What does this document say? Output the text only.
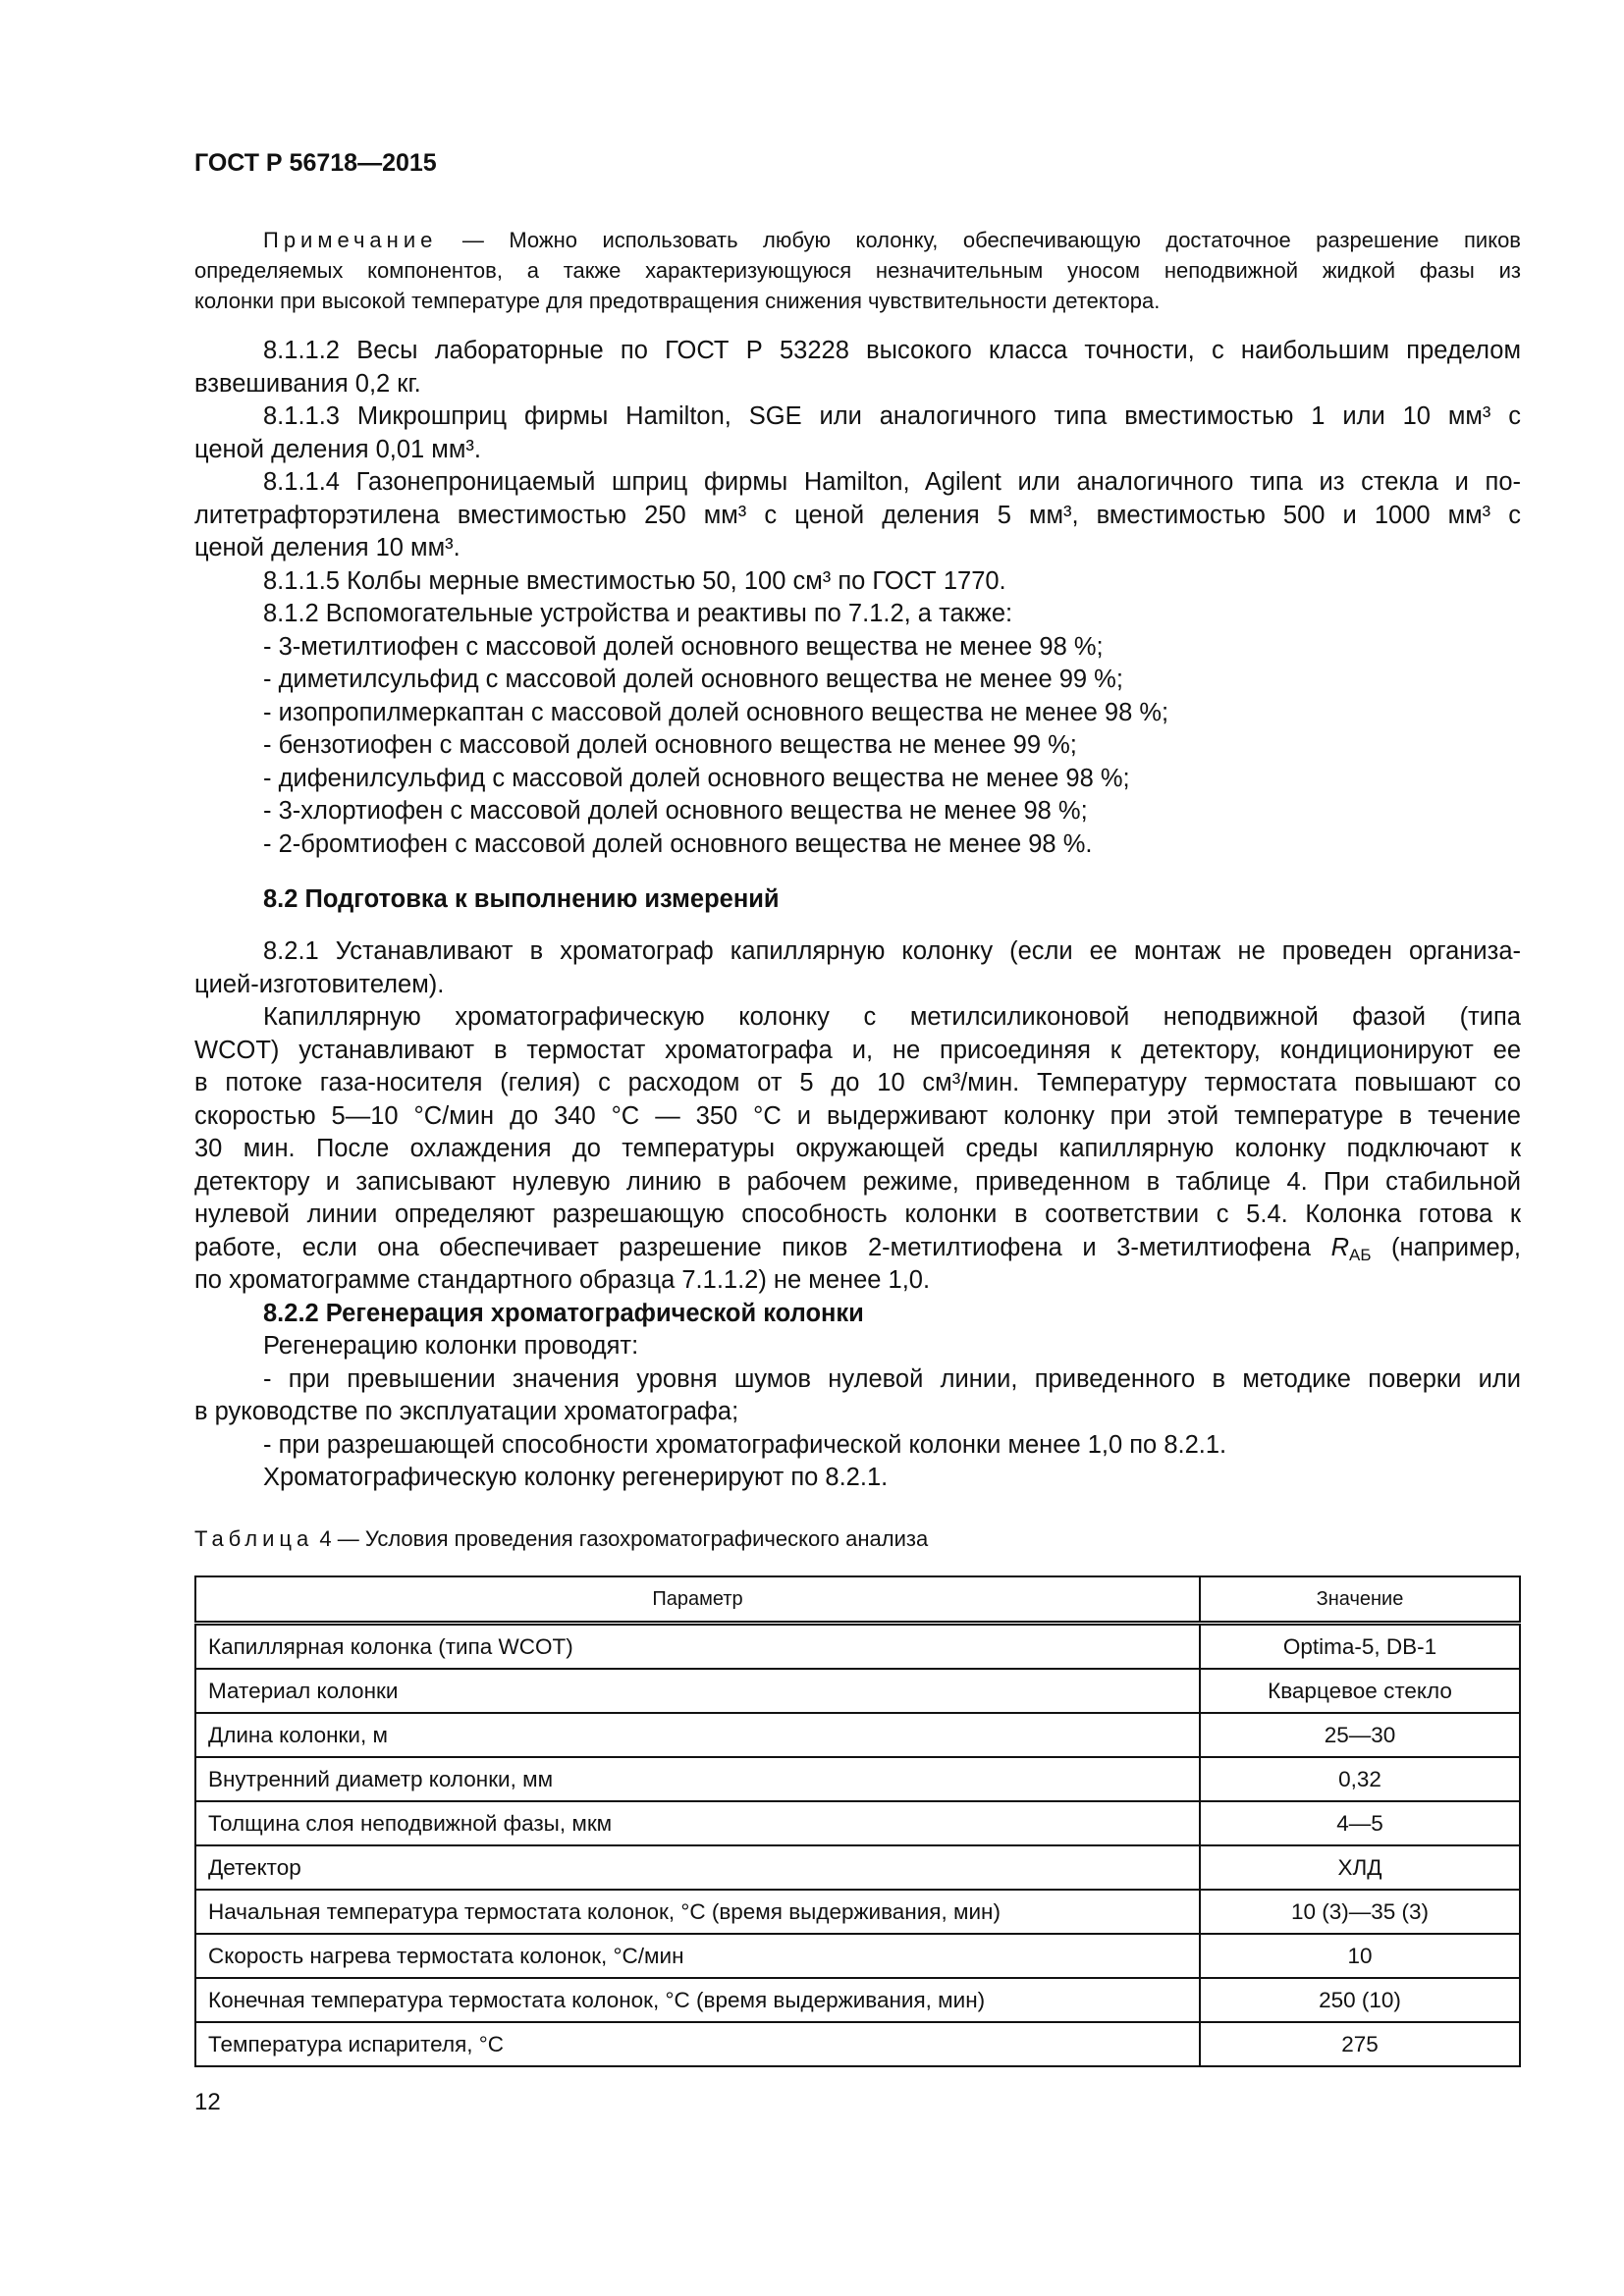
ГОСТ Р 56718—2015
Примечание — Можно использовать любую колонку, обеспечивающую достаточное разрешение пиков
определяемых компонентов, а также характеризующуюся незначительным уносом неподвижной жидкой фазы из
колонки при высокой температуре для предотвращения снижения чувствительности детектора.
8.1.1.2 Весы лабораторные по ГОСТ Р 53228 высокого класса точности, с наибольшим пределом
взвешивания 0,2 кг.
8.1.1.3 Микрошприц фирмы Hamilton, SGE или аналогичного типа вместимостью 1 или 10 мм³ с
ценой деления 0,01 мм³.
8.1.1.4 Газонепроницаемый шприц фирмы Hamilton, Agilent или аналогичного типа из стекла и по-
литетрафторэтилена вместимостью 250 мм³ с ценой деления 5 мм³, вместимостью 500 и 1000 мм³ с
ценой деления 10 мм³.
8.1.1.5 Колбы мерные вместимостью 50, 100 см³ по ГОСТ 1770.
8.1.2 Вспомогательные устройства и реактивы по 7.1.2, а также:
- 3-метилтиофен с массовой долей основного вещества не менее 98 %;
- диметилсульфид с массовой долей основного вещества не менее 99 %;
- изопропилмеркаптан с массовой долей основного вещества не менее 98 %;
- бензотиофен с массовой долей основного вещества не менее 99 %;
- дифенилсульфид с массовой долей основного вещества не менее 98 %;
- 3-хлортиофен с массовой долей основного вещества не менее 98 %;
- 2-бромтиофен с массовой долей основного вещества не менее 98 %.
8.2 Подготовка к выполнению измерений
8.2.1 Устанавливают в хроматограф капиллярную колонку (если ее монтаж не проведен организа-
цией-изготовителем).
Капиллярную хроматографическую колонку с метилсиликоновой неподвижной фазой (типа
WCOT) устанавливают в термостат хроматографа и, не присоединяя к детектору, кондиционируют ее
в потоке газа-носителя (гелия) с расходом от 5 до 10 см³/мин. Температуру термостата повышают со
скоростью 5—10 °С/мин до 340 °С — 350 °С и выдерживают колонку при этой температуре в течение
30 мин. После охлаждения до температуры окружающей среды капиллярную колонку подключают к
детектору и записывают нулевую линию в рабочем режиме, приведенном в таблице 4. При стабильной
нулевой линии определяют разрешающую способность колонки в соответствии с 5.4. Колонка готова к
работе, если она обеспечивает разрешение пиков 2-метилтиофена и 3-метилтиофена $R_{АБ}$ (например,
по хроматограмме стандартного образца 7.1.1.2) не менее 1,0.
8.2.2 Регенерация хроматографической колонки
Регенерацию колонки проводят:
- при превышении значения уровня шумов нулевой линии, приведенного в методике поверки или
в руководстве по эксплуатации хроматографа;
- при разрешающей способности хроматографической колонки менее 1,0 по 8.2.1.
Хроматографическую колонку регенерируют по 8.2.1.
Таблица 4 — Условия проведения газохроматографического анализа
Параметр	Значение
Капиллярная колонка (типа WCOT)	Optima-5, DB-1
Материал колонки	Кварцевое стекло
Длина колонки, м	25—30
Внутренний диаметр колонки, мм	0,32
Толщина слоя неподвижной фазы, мкм	4—5
Детектор	ХЛД
Начальная температура термостата колонок, °С (время выдерживания, мин)	10 (3)—35 (3)
Скорость нагрева термостата колонок, °С/мин	10
Конечная температура термостата колонок, °С (время выдерживания, мин)	250 (10)
Температура испарителя, °С	275
12
